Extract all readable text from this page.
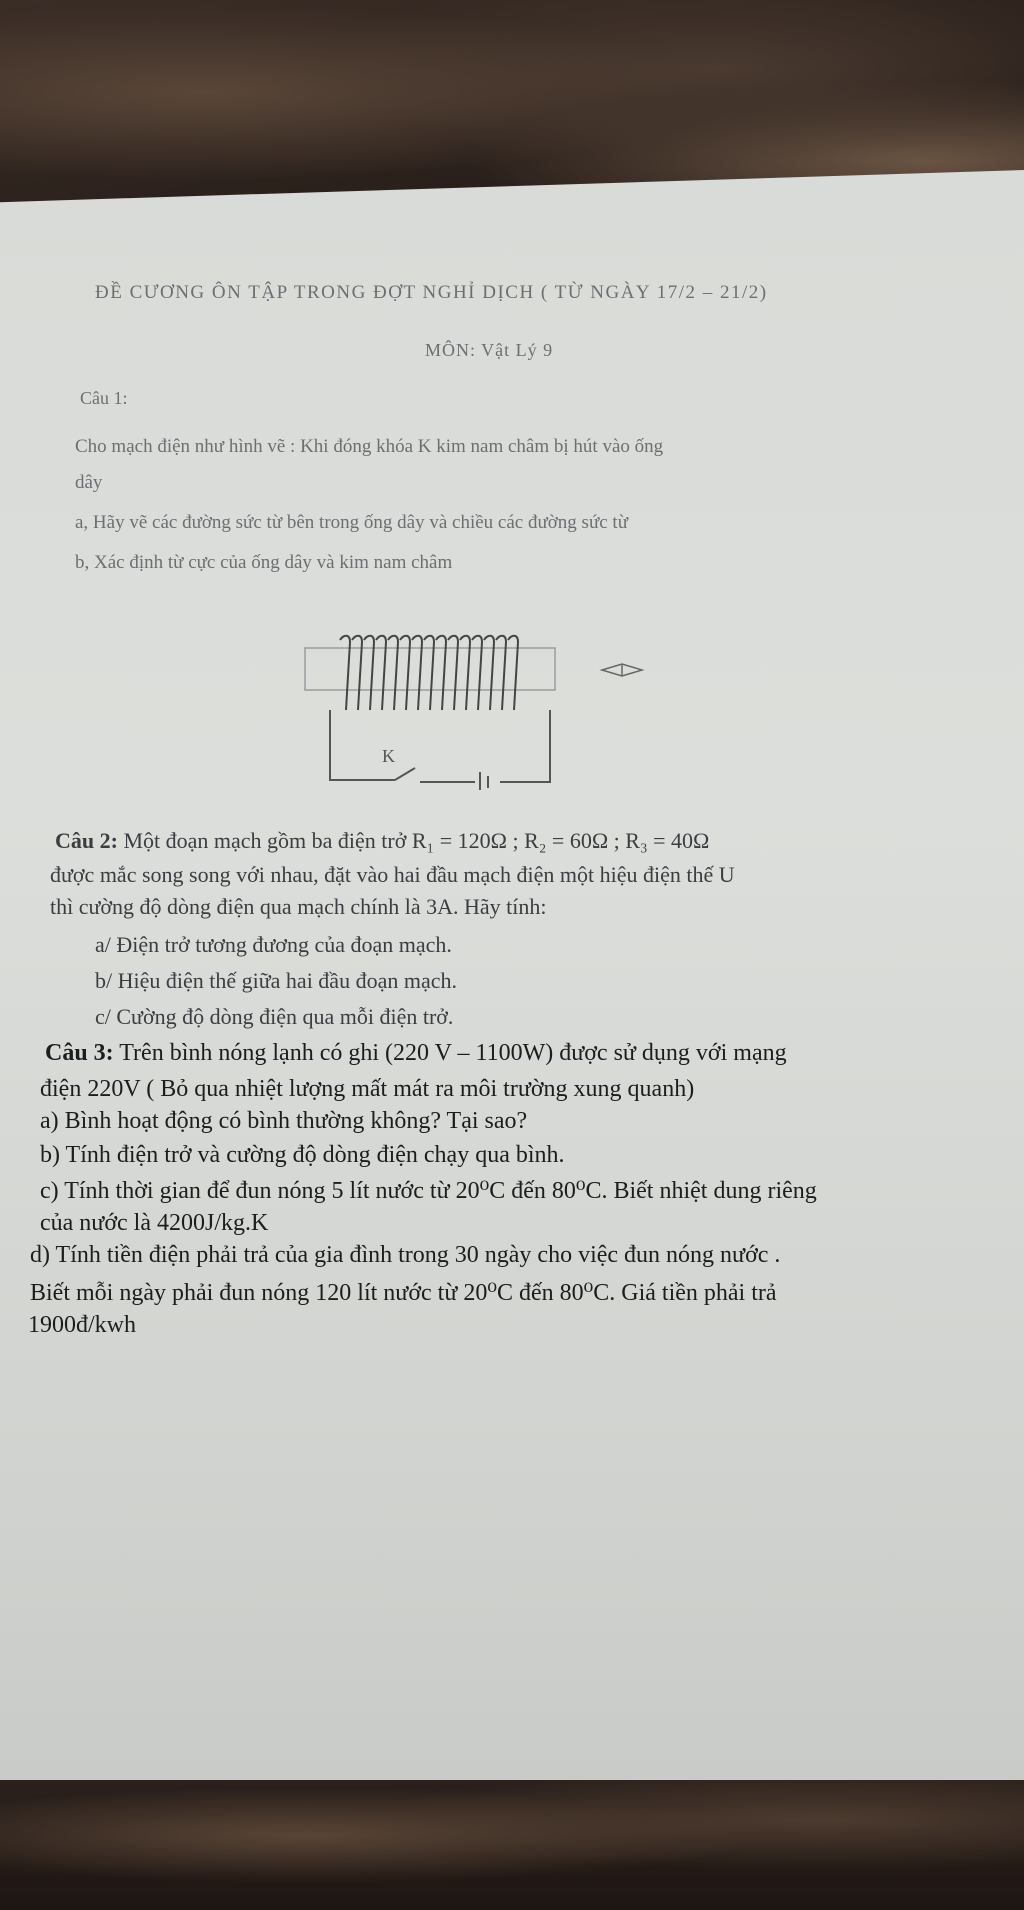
ĐỀ CƯƠNG ÔN TẬP TRONG ĐỢT NGHỈ DỊCH ( TỪ NGÀY 17/2 – 21/2)
MÔN: Vật Lý 9
Câu 1:
Cho mạch điện như hình vẽ : Khi đóng khóa K kim nam châm bị hút vào ống
dây
a, Hãy vẽ các đường sức từ bên trong ống dây và chiều các đường sức từ
b, Xác định từ cực của ống dây và kim nam châm
K
Câu 2: Một đoạn mạch gồm ba điện trở R₁ = 120Ω ; R₂ = 60Ω ; R₃ = 40Ω
được mắc song song với nhau, đặt vào hai đầu mạch điện một hiệu điện thế U
thì cường độ dòng điện qua mạch chính là 3A. Hãy tính:
a/ Điện trở tương đương của đoạn mạch.
b/ Hiệu điện thế giữa hai đầu đoạn mạch.
c/ Cường độ dòng điện qua mỗi điện trở.
Câu 3: Trên bình nóng lạnh có ghi (220 V – 1100W) được sử dụng với mạng
điện 220V ( Bỏ qua nhiệt lượng mất mát ra môi trường xung quanh)
a) Bình hoạt động có bình thường không? Tại sao?
b) Tính điện trở và cường độ dòng điện chạy qua bình.
c) Tính thời gian để đun nóng 5 lít nước từ 20⁰C đến 80⁰C. Biết nhiệt dung riêng
của nước là 4200J/kg.K
d) Tính tiền điện phải trả của gia đình trong 30 ngày cho việc đun nóng nước .
Biết mỗi ngày phải đun nóng 120 lít nước từ 20⁰C đến 80⁰C. Giá tiền phải trả
1900đ/kwh
